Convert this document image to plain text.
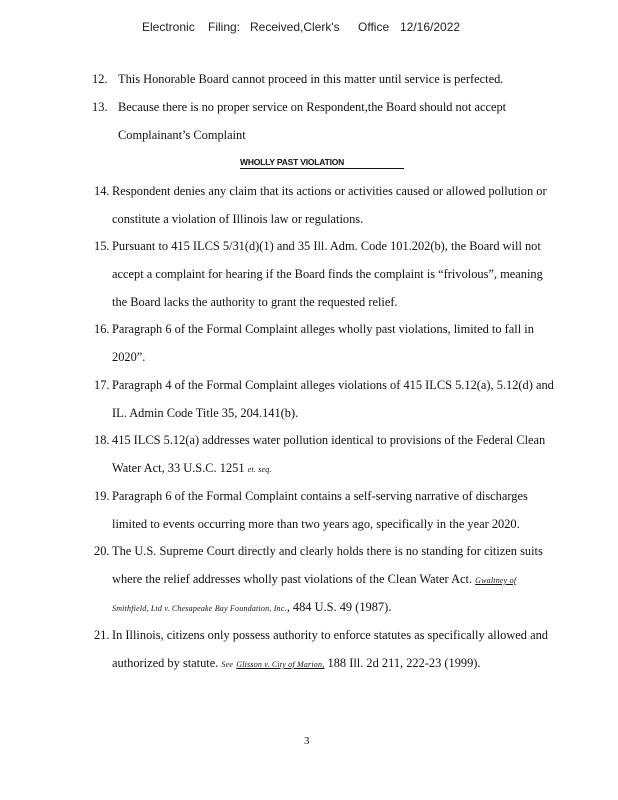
Electronic Filing: Received,Clerk's Office 12/16/2022
12. This Honorable Board cannot proceed in this matter until service is perfected.
13. Because there is no proper service on Respondent,the Board should not accept
Complainant’s Complaint
WHOLLY PAST VIOLATION
14. Respondent denies any claim that its actions or activities caused or allowed pollution or
constitute a violation of Illinois law or regulations.
15. Pursuant to 415 ILCS 5/31(d)(1) and 35 Ill. Adm. Code 101.202(b), the Board will not
accept a complaint for hearing if the Board finds the complaint is “frivolous”, meaning
the Board lacks the authority to grant the requested relief.
16. Paragraph 6 of the Formal Complaint alleges wholly past violations, limited to fall in
2020”.
17. Paragraph 4 of the Formal Complaint alleges violations of 415 ILCS 5.12(a), 5.12(d) and
IL. Admin Code Title 35, 204.141(b).
18. 415 ILCS 5.12(a) addresses water pollution identical to provisions of the Federal Clean
Water Act, 33 U.S.C. 1251 et. seq.
19. Paragraph 6 of the Formal Complaint contains a self-serving narrative of discharges
limited to events occurring more than two years ago, specifically in the year 2020.
20. The U.S. Supreme Court directly and clearly holds there is no standing for citizen suits
where the relief addresses wholly past violations of the Clean Water Act. Gwaltney of
Smithfield, Ltd v. Chesapeake Bay Foundation, Inc., 484 U.S. 49 (1987).
21. In Illinois, citizens only possess authority to enforce statutes as specifically allowed and
authorized by statute. See Glisson v. City of Marion, 188 Ill. 2d 211, 222-23 (1999).
3
